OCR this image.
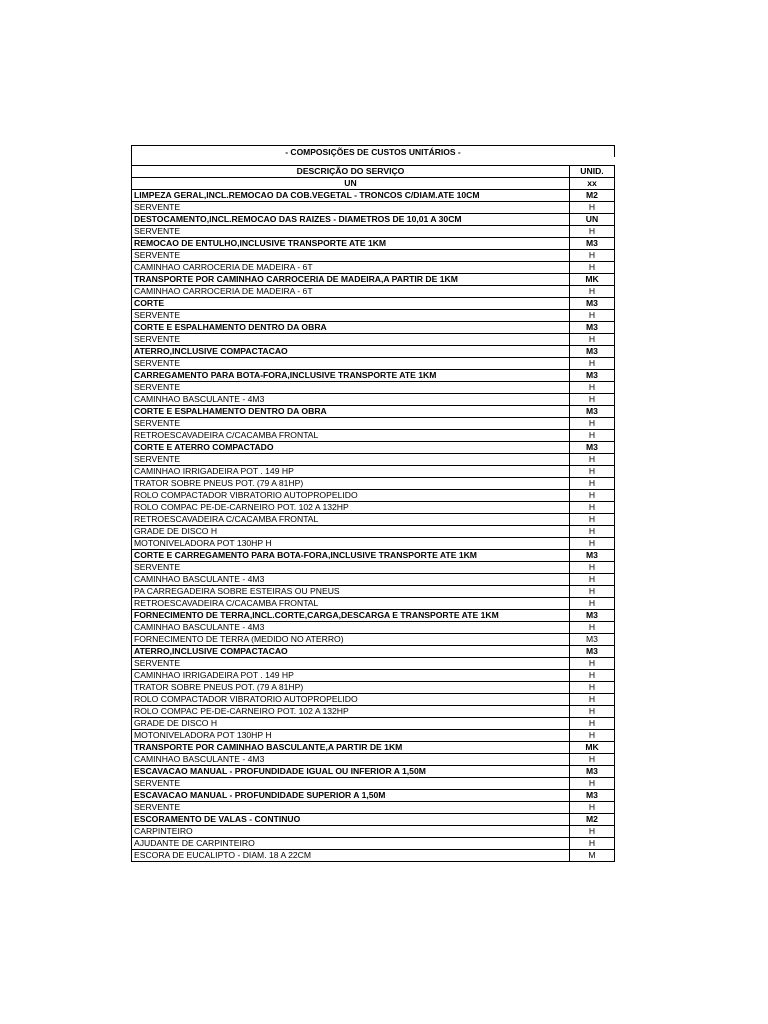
- COMPOSIÇÕES DE CUSTOS UNITÁRIOS -
DESCRIÇÃO DO SERVIÇO	UNID.
UN	xx
LIMPEZA GERAL,INCL.REMOCAO DA COB.VEGETAL - TRONCOS C/DIAM.ATE 10CM	M2
SERVENTE	H
DESTOCAMENTO,INCL.REMOCAO DAS RAIZES - DIAMETROS DE 10,01 A 30CM	UN
SERVENTE	H
REMOCAO DE ENTULHO,INCLUSIVE TRANSPORTE ATE 1KM	M3
SERVENTE	H
CAMINHAO CARROCERIA DE MADEIRA - 6T	H
TRANSPORTE POR CAMINHAO CARROCERIA DE MADEIRA,A PARTIR DE 1KM	MK
CAMINHAO CARROCERIA DE MADEIRA - 6T	H
CORTE	M3
SERVENTE	H
CORTE E ESPALHAMENTO DENTRO DA OBRA	M3
SERVENTE	H
ATERRO,INCLUSIVE COMPACTACAO	M3
SERVENTE	H
CARREGAMENTO PARA BOTA-FORA,INCLUSIVE TRANSPORTE ATE 1KM	M3
SERVENTE	H
CAMINHAO BASCULANTE - 4M3	H
CORTE E ESPALHAMENTO DENTRO DA OBRA	M3
SERVENTE	H
RETROESCAVADEIRA C/CACAMBA FRONTAL	H
CORTE E ATERRO COMPACTADO	M3
SERVENTE	H
CAMINHAO IRRIGADEIRA POT . 149 HP	H
TRATOR SOBRE PNEUS POT. (79 A 81HP)	H
ROLO COMPACTADOR VIBRATORIO AUTOPROPELIDO	H
ROLO COMPAC PE-DE-CARNEIRO POT. 102 A 132HP	H
RETROESCAVADEIRA C/CACAMBA FRONTAL	H
GRADE DE DISCO H	H
MOTONIVELADORA POT 130HP H	H
CORTE E CARREGAMENTO PARA BOTA-FORA,INCLUSIVE TRANSPORTE ATE 1KM	M3
SERVENTE	H
CAMINHAO BASCULANTE - 4M3	H
PA CARREGADEIRA SOBRE ESTEIRAS OU PNEUS	H
RETROESCAVADEIRA C/CACAMBA FRONTAL	H
FORNECIMENTO DE TERRA,INCL.CORTE,CARGA,DESCARGA E TRANSPORTE ATE 1KM	M3
CAMINHAO BASCULANTE - 4M3	H
FORNECIMENTO DE TERRA (MEDIDO NO ATERRO)	M3
ATERRO,INCLUSIVE COMPACTACAO	M3
SERVENTE	H
CAMINHAO IRRIGADEIRA POT . 149 HP	H
TRATOR SOBRE PNEUS POT. (79 A 81HP)	H
ROLO COMPACTADOR VIBRATORIO AUTOPROPELIDO	H
ROLO COMPAC PE-DE-CARNEIRO POT. 102 A 132HP	H
GRADE DE DISCO H	H
MOTONIVELADORA POT 130HP H	H
TRANSPORTE POR CAMINHAO BASCULANTE,A PARTIR DE 1KM	MK
CAMINHAO BASCULANTE - 4M3	H
ESCAVACAO MANUAL - PROFUNDIDADE IGUAL OU INFERIOR A 1,50M	M3
SERVENTE	H
ESCAVACAO MANUAL - PROFUNDIDADE SUPERIOR A 1,50M	M3
SERVENTE	H
ESCORAMENTO DE VALAS - CONTINUO	M2
CARPINTEIRO	H
AJUDANTE DE CARPINTEIRO	H
ESCORA DE EUCALIPTO - DIAM. 18 A 22CM	M
